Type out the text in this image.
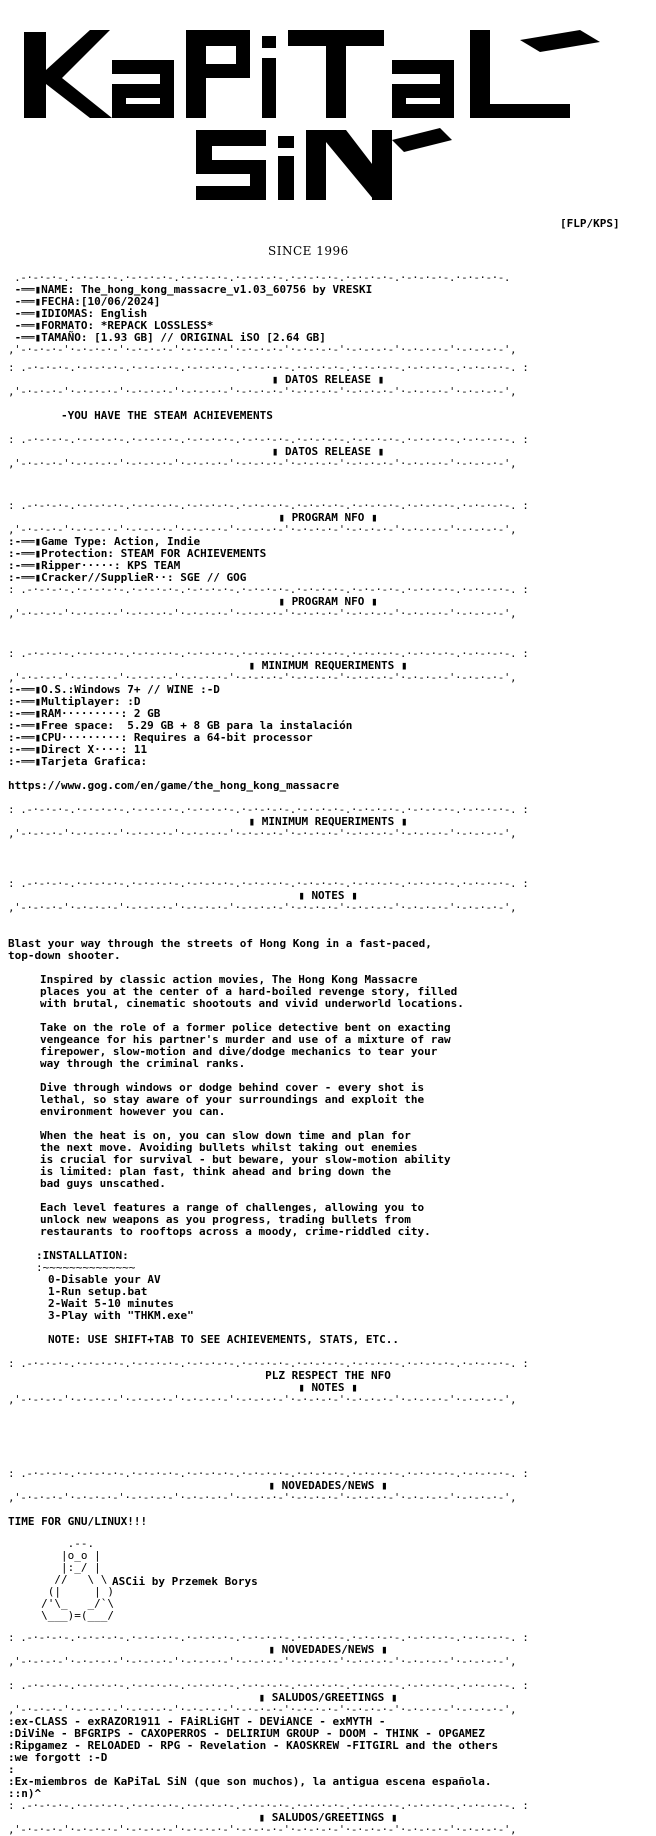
[FLP/KPS]
SINCE 1996
.-·-·-·-.·-·-·-·-.·-·-·-·-.·-·-·-·-.·-·-·-·-.·-·-·-·-.·-·-·-·-.·-·-·-·-.·-·-·-·-.
-══▮NAME: The_hong_kong_massacre_v1.03_60756 by VRESKI
-══▮FECHA:[10/06/2024]
-══▮IDIOMAS: English
-══▮FORMATO: *REPACK LOSSLESS*
-══▮TAMAÑO: [1.93 GB] // ORIGINAL iSO [2.64 GB]
,'-·-·-·-'·-·-·-·-'·-·-·-·-'·-·-·-·-'·-·-·-·-'·-·-·-·-'·-·-·-·-'·-·-·-·-'·-·-·-·-',
: .-·-·-·-.·-·-·-·-.·-·-·-·-.·-·-·-·-.·-·-·-·-.·-·-·-·-.·-·-·-·-.·-·-·-·-.·-·-·-·-. :
▮ DATOS RELEASE ▮
,'-·-·-·-'·-·-·-·-'·-·-·-·-'·-·-·-·-'·-·-·-·-'·-·-·-·-'·-·-·-·-'·-·-·-·-'·-·-·-·-',
-YOU HAVE THE STEAM ACHIEVEMENTS
: .-·-·-·-.·-·-·-·-.·-·-·-·-.·-·-·-·-.·-·-·-·-.·-·-·-·-.·-·-·-·-.·-·-·-·-.·-·-·-·-. :
▮ DATOS RELEASE ▮
,'-·-·-·-'·-·-·-·-'·-·-·-·-'·-·-·-·-'·-·-·-·-'·-·-·-·-'·-·-·-·-'·-·-·-·-'·-·-·-·-',
: .-·-·-·-.·-·-·-·-.·-·-·-·-.·-·-·-·-.·-·-·-·-.·-·-·-·-.·-·-·-·-.·-·-·-·-.·-·-·-·-. :
▮ PROGRAM NFO ▮
,'-·-·-·-'·-·-·-·-'·-·-·-·-'·-·-·-·-'·-·-·-·-'·-·-·-·-'·-·-·-·-'·-·-·-·-'·-·-·-·-',
:-══▮Game Type: Action, Indie
:-══▮Protection: STEAM FOR ACHIEVEMENTS
:-══▮Ripper·····: KPS TEAM
:-══▮Cracker//SupplieR··: SGE // GOG
: .-·-·-·-.·-·-·-·-.·-·-·-·-.·-·-·-·-.·-·-·-·-.·-·-·-·-.·-·-·-·-.·-·-·-·-.·-·-·-·-. :
▮ PROGRAM NFO ▮
,'-·-·-·-'·-·-·-·-'·-·-·-·-'·-·-·-·-'·-·-·-·-'·-·-·-·-'·-·-·-·-'·-·-·-·-'·-·-·-·-',
: .-·-·-·-.·-·-·-·-.·-·-·-·-.·-·-·-·-.·-·-·-·-.·-·-·-·-.·-·-·-·-.·-·-·-·-.·-·-·-·-. :
▮ MINIMUM REQUERIMENTS ▮
,'-·-·-·-'·-·-·-·-'·-·-·-·-'·-·-·-·-'·-·-·-·-'·-·-·-·-'·-·-·-·-'·-·-·-·-'·-·-·-·-',
:-══▮O.S.:Windows 7+ // WINE :-D
:-══▮Multiplayer: :D
:-══▮RAM·········: 2 GB
:-══▮Free space:  5.29 GB + 8 GB para la instalación
:-══▮CPU·········: Requires a 64-bit processor
:-══▮Direct X····: 11
:-══▮Tarjeta Grafica:
https://www.gog.com/en/game/the_hong_kong_massacre
: .-·-·-·-.·-·-·-·-.·-·-·-·-.·-·-·-·-.·-·-·-·-.·-·-·-·-.·-·-·-·-.·-·-·-·-.·-·-·-·-. :
▮ MINIMUM REQUERIMENTS ▮
,'-·-·-·-'·-·-·-·-'·-·-·-·-'·-·-·-·-'·-·-·-·-'·-·-·-·-'·-·-·-·-'·-·-·-·-'·-·-·-·-',
: .-·-·-·-.·-·-·-·-.·-·-·-·-.·-·-·-·-.·-·-·-·-.·-·-·-·-.·-·-·-·-.·-·-·-·-.·-·-·-·-. :
▮ NOTES ▮
,'-·-·-·-'·-·-·-·-'·-·-·-·-'·-·-·-·-'·-·-·-·-'·-·-·-·-'·-·-·-·-'·-·-·-·-'·-·-·-·-',
Blast your way through the streets of Hong Kong in a fast-paced,
top-down shooter.
Inspired by classic action movies, The Hong Kong Massacre
places you at the center of a hard-boiled revenge story, filled
with brutal, cinematic shootouts and vivid underworld locations.
Take on the role of a former police detective bent on exacting
vengeance for his partner's murder and use of a mixture of raw
firepower, slow-motion and dive/dodge mechanics to tear your
way through the criminal ranks.
Dive through windows or dodge behind cover - every shot is
lethal, so stay aware of your surroundings and exploit the
environment however you can.
When the heat is on, you can slow down time and plan for
the next move. Avoiding bullets whilst taking out enemies
is crucial for survival - but beware, your slow-motion ability
is limited: plan fast, think ahead and bring down the
bad guys unscathed.
Each level features a range of challenges, allowing you to
unlock new weapons as you progress, trading bullets from
restaurants to rooftops across a moody, crime-riddled city.
:INSTALLATION:
:~~~~~~~~~~~~~~
0-Disable your AV
1-Run setup.bat
2-Wait 5-10 minutes
3-Play with "THKM.exe"
NOTE: USE SHIFT+TAB TO SEE ACHIEVEMENTS, STATS, ETC..
: .-·-·-·-.·-·-·-·-.·-·-·-·-.·-·-·-·-.·-·-·-·-.·-·-·-·-.·-·-·-·-.·-·-·-·-.·-·-·-·-. :
PLZ RESPECT THE NFO
▮ NOTES ▮
,'-·-·-·-'·-·-·-·-'·-·-·-·-'·-·-·-·-'·-·-·-·-'·-·-·-·-'·-·-·-·-'·-·-·-·-'·-·-·-·-',
: .-·-·-·-.·-·-·-·-.·-·-·-·-.·-·-·-·-.·-·-·-·-.·-·-·-·-.·-·-·-·-.·-·-·-·-.·-·-·-·-. :
▮ NOVEDADES/NEWS ▮
,'-·-·-·-'·-·-·-·-'·-·-·-·-'·-·-·-·-'·-·-·-·-'·-·-·-·-'·-·-·-·-'·-·-·-·-'·-·-·-·-',
TIME FOR GNU/LINUX!!!
.--.
|o_o |
|:_/ |
//   \ \
(|     | )
/'\_   _/`\
\___)=(___/
ASCii by Przemek Borys
: .-·-·-·-.·-·-·-·-.·-·-·-·-.·-·-·-·-.·-·-·-·-.·-·-·-·-.·-·-·-·-.·-·-·-·-.·-·-·-·-. :
▮ NOVEDADES/NEWS ▮
,'-·-·-·-'·-·-·-·-'·-·-·-·-'·-·-·-·-'·-·-·-·-'·-·-·-·-'·-·-·-·-'·-·-·-·-'·-·-·-·-',
: .-·-·-·-.·-·-·-·-.·-·-·-·-.·-·-·-·-.·-·-·-·-.·-·-·-·-.·-·-·-·-.·-·-·-·-.·-·-·-·-. :
▮ SALUDOS/GREETINGS ▮
,'-·-·-·-'·-·-·-·-'·-·-·-·-'·-·-·-·-'·-·-·-·-'·-·-·-·-'·-·-·-·-'·-·-·-·-'·-·-·-·-',
:ex-CLASS - exRAZOR1911 - FAiRLiGHT - DEViANCE - exMYTH -
:DiViNe - BFGRIPS - CAXOPERROS - DELIRIUM GROUP - DOOM - THINK - OPGAMEZ
:Ripgamez - RELOADED - RPG - Revelation - KAOSKREW -FITGIRL and the others
:we forgott :-D
:
:Ex-miembros de KaPiTaL SiN (que son muchos), la antigua escena española.
::n)^
: .-·-·-·-.·-·-·-·-.·-·-·-·-.·-·-·-·-.·-·-·-·-.·-·-·-·-.·-·-·-·-.·-·-·-·-.·-·-·-·-. :
▮ SALUDOS/GREETINGS ▮
,'-·-·-·-'·-·-·-·-'·-·-·-·-'·-·-·-·-'·-·-·-·-'·-·-·-·-'·-·-·-·-'·-·-·-·-'·-·-·-·-',
